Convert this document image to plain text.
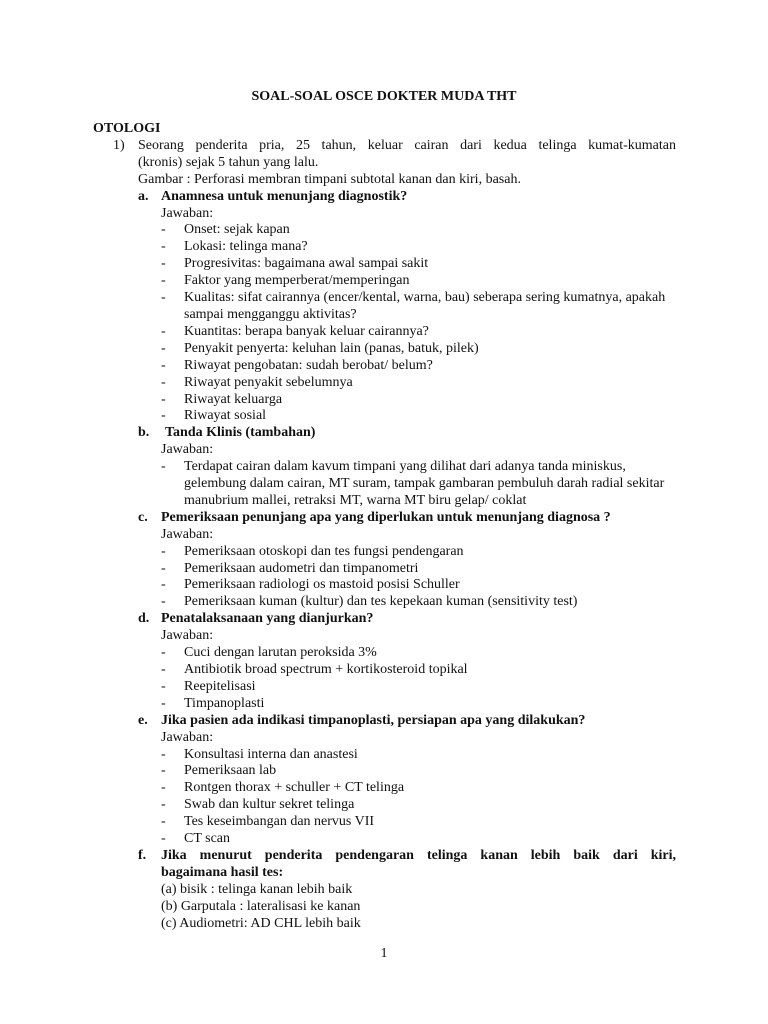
SOAL-SOAL OSCE DOKTER MUDA THT
OTOLOGI
1) Seorang penderita pria, 25 tahun, keluar cairan dari kedua telinga kumat-kumatan
(kronis) sejak 5 tahun yang lalu.
Gambar : Perforasi membran timpani subtotal kanan dan kiri, basah.
a. Anamnesa untuk menunjang diagnostik?
Jawaban:
-	Onset: sejak kapan
-	Lokasi: telinga mana?
-	Progresivitas: bagaimana awal sampai sakit
-	Faktor yang memperberat/memperingan
-	Kualitas: sifat cairannya (encer/kental, warna, bau) seberapa sering kumatnya, apakah sampai mengganggu aktivitas?
-	Kuantitas: berapa banyak keluar cairannya?
-	Penyakit penyerta: keluhan lain (panas, batuk, pilek)
-	Riwayat pengobatan: sudah berobat/ belum?
-	Riwayat penyakit sebelumnya
-	Riwayat keluarga
-	Riwayat sosial
b.	Tanda Klinis (tambahan)
Jawaban:
-	Terdapat cairan dalam kavum timpani yang dilihat dari adanya tanda miniskus, gelembung dalam cairan, MT suram, tampak gambaran pembuluh darah radial sekitar manubrium mallei, retraksi MT, warna MT biru gelap/ coklat
c. Pemeriksaan penunjang apa yang diperlukan untuk menunjang diagnosa ?
Jawaban:
-	Pemeriksaan otoskopi dan tes fungsi pendengaran
-	Pemeriksaan audometri dan timpanometri
-	Pemeriksaan radiologi os mastoid posisi Schuller
-	Pemeriksaan kuman (kultur) dan tes kepekaan kuman (sensitivity test)
d. Penatalaksanaan yang dianjurkan?
Jawaban:
-	Cuci dengan larutan peroksida 3%
-	Antibiotik broad spectrum + kortikosteroid topikal
-	Reepitelisasi
-	Timpanoplasti
e. Jika pasien ada indikasi timpanoplasti, persiapan apa yang dilakukan?
Jawaban:
-	Konsultasi interna dan anastesi
-	Pemeriksaan lab
-	Rontgen thorax + schuller + CT telinga
-	Swab dan kultur sekret telinga
-	Tes keseimbangan dan nervus VII
-	CT scan
f.	Jika menurut penderita pendengaran telinga kanan lebih baik dari kiri,
bagaimana hasil tes:
(a) bisik : telinga kanan lebih baik
(b) Garputala : lateralisasi ke kanan
(c) Audiometri: AD CHL lebih baik
1
